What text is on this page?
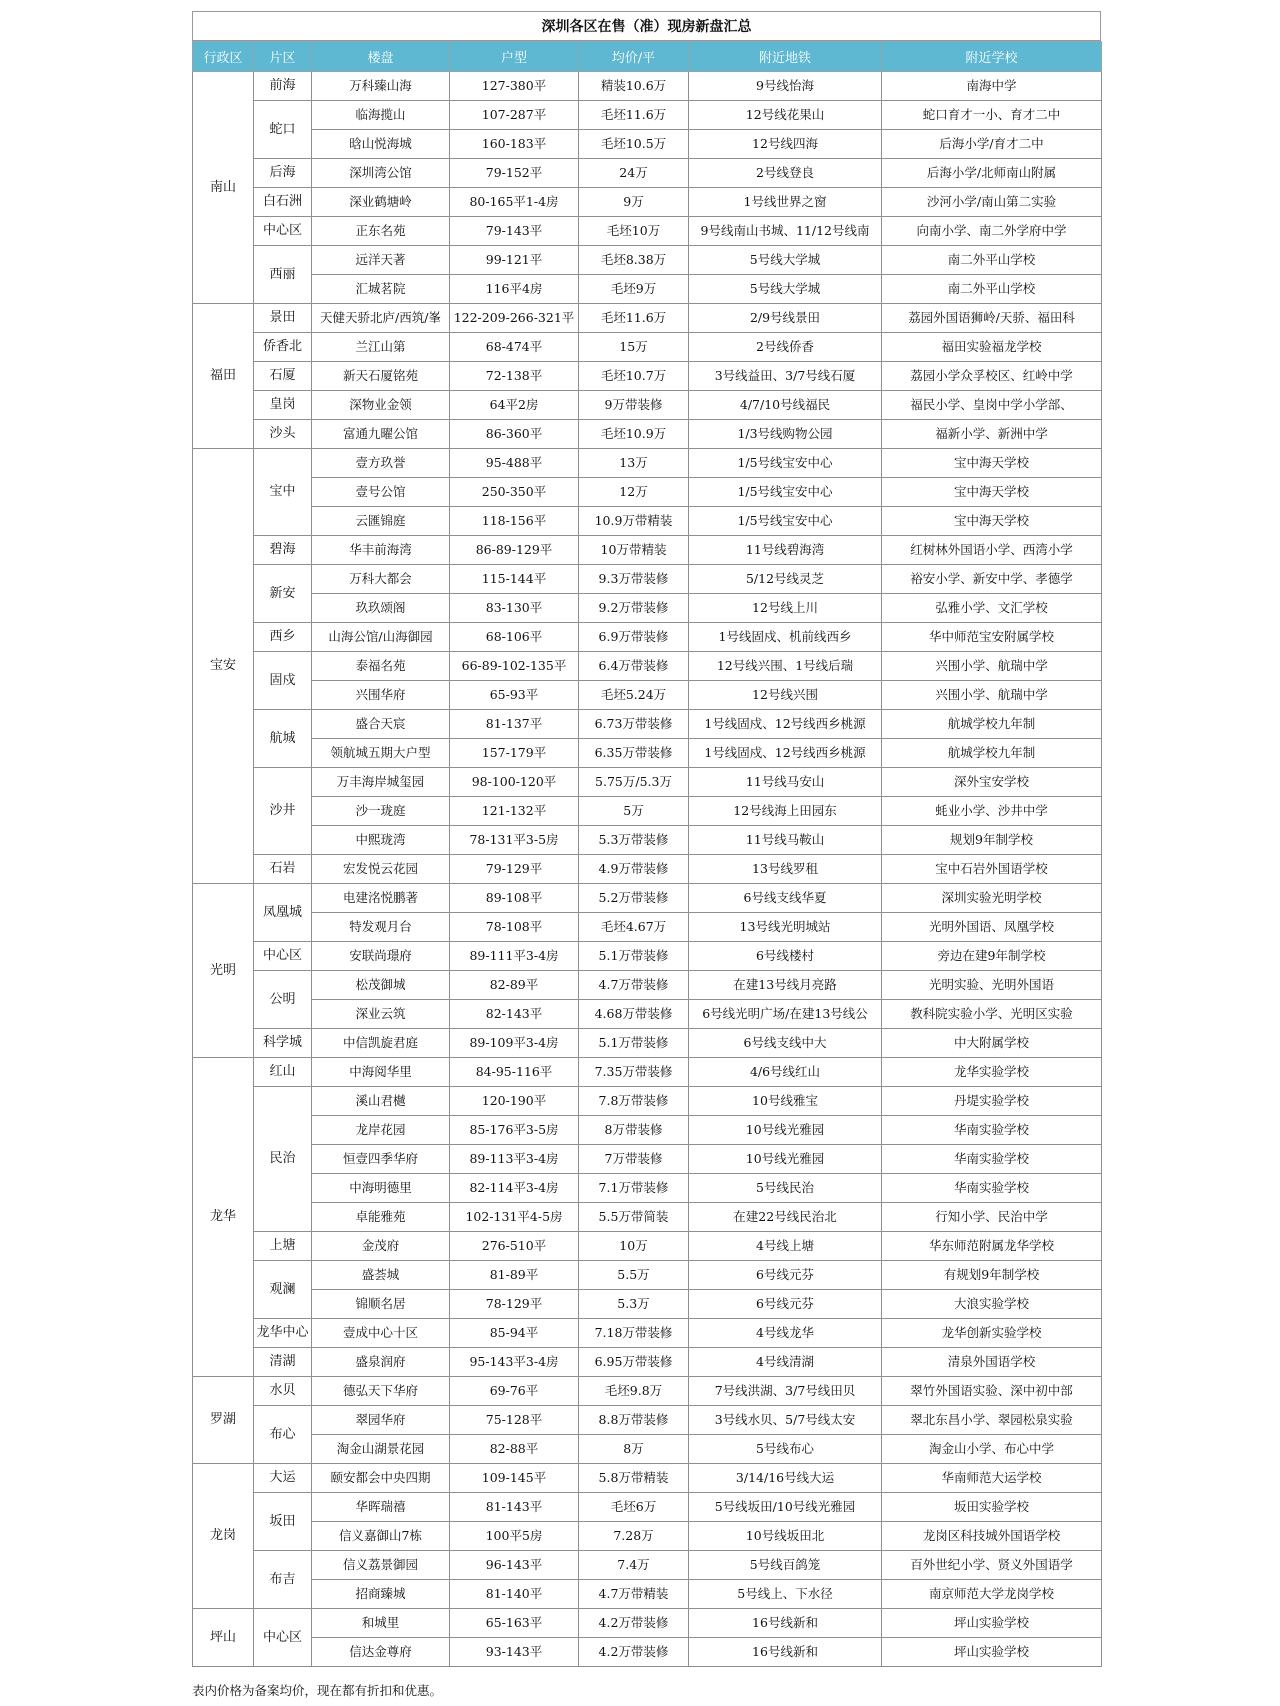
深圳各区在售（准）现房新盘汇总
行政区	片区	楼盘	户型	均价/平	附近地铁	附近学校
南山	前海	万科臻山海	127-380平	精装10.6万	9号线怡海	南海中学
	蛇口	临海揽山	107-287平	毛坯11.6万	12号线花果山	蛇口育才一小、育才二中
		晗山悦海城	160-183平	毛坯10.5万	12号线四海	后海小学/育才二中
	后海	深圳湾公馆	79-152平	24万	2号线登良	后海小学/北师南山附属
	白石洲	深业鹤塘岭	80-165平1-4房	9万	1号线世界之窗	沙河小学/南山第二实验
	中心区	正东名苑	79-143平	毛坯10万	9号线南山书城、11/12号线南	向南小学、南二外学府中学
	西丽	远洋天著	99-121平	毛坯8.38万	5号线大学城	南二外平山学校
		汇城茗院	116平4房	毛坯9万	5号线大学城	南二外平山学校
福田	景田	天健天骄北庐/西筑/峯	122-209-266-321平	毛坯11.6万	2/9号线景田	荔园外国语狮岭/天骄、福田科
	侨香北	兰江山第	68-474平	15万	2号线侨香	福田实验福龙学校
	石厦	新天石厦铭苑	72-138平	毛坯10.7万	3号线益田、3/7号线石厦	荔园小学众孚校区、红岭中学
	皇岗	深物业金领	64平2房	9万带装修	4/7/10号线福民	福民小学、皇岗中学小学部、
	沙头	富通九曜公馆	86-360平	毛坯10.9万	1/3号线购物公园	福新小学、新洲中学
宝安	宝中	壹方玖誉	95-488平	13万	1/5号线宝安中心	宝中海天学校
		壹号公馆	250-350平	12万	1/5号线宝安中心	宝中海天学校
		云匯锦庭	118-156平	10.9万带精装	1/5号线宝安中心	宝中海天学校
	碧海	华丰前海湾	86-89-129平	10万带精装	11号线碧海湾	红树林外国语小学、西湾小学
	新安	万科大都会	115-144平	9.3万带装修	5/12号线灵芝	裕安小学、新安中学、孝德学
		玖玖颂阁	83-130平	9.2万带装修	12号线上川	弘雅小学、文汇学校
	西乡	山海公馆/山海御园	68-106平	6.9万带装修	1号线固戍、机前线西乡	华中师范宝安附属学校
	固戍	泰福名苑	66-89-102-135平	6.4万带装修	12号线兴围、1号线后瑞	兴围小学、航瑞中学
		兴围华府	65-93平	毛坯5.24万	12号线兴围	兴围小学、航瑞中学
	航城	盛合天宸	81-137平	6.73万带装修	1号线固戍、12号线西乡桃源	航城学校九年制
		领航城五期大户型	157-179平	6.35万带装修	1号线固戍、12号线西乡桃源	航城学校九年制
	沙井	万丰海岸城玺园	98-100-120平	5.75万/5.3万	11号线马安山	深外宝安学校
		沙一珑庭	121-132平	5万	12号线海上田园东	蚝业小学、沙井中学
		中熙珑湾	78-131平3-5房	5.3万带装修	11号线马鞍山	规划9年制学校
	石岩	宏发悦云花园	79-129平	4.9万带装修	13号线罗租	宝中石岩外国语学校
光明	凤凰城	电建洺悦鹏著	89-108平	5.2万带装修	6号线支线华夏	深圳实验光明学校
		特发观月台	78-108平	毛坯4.67万	13号线光明城站	光明外国语、凤凰学校
	中心区	安联尚璟府	89-111平3-4房	5.1万带装修	6号线楼村	旁边在建9年制学校
	公明	松茂御城	82-89平	4.7万带装修	在建13号线月亮路	光明实验、光明外国语
		深业云筑	82-143平	4.68万带装修	6号线光明广场/在建13号线公	教科院实验小学、光明区实验
	科学城	中信凯旋君庭	89-109平3-4房	5.1万带装修	6号线支线中大	中大附属学校
龙华	红山	中海阅华里	84-95-116平	7.35万带装修	4/6号线红山	龙华实验学校
	民治	溪山君樾	120-190平	7.8万带装修	10号线雅宝	丹堤实验学校
		龙岸花园	85-176平3-5房	8万带装修	10号线光雅园	华南实验学校
		恒壹四季华府	89-113平3-4房	7万带装修	10号线光雅园	华南实验学校
		中海明德里	82-114平3-4房	7.1万带装修	5号线民治	华南实验学校
		卓能雅苑	102-131平4-5房	5.5万带简装	在建22号线民治北	行知小学、民治中学
	上塘	金茂府	276-510平	10万	4号线上塘	华东师范附属龙华学校
	观澜	盛荟城	81-89平	5.5万	6号线元芬	有规划9年制学校
		锦顺名居	78-129平	5.3万	6号线元芬	大浪实验学校
	龙华中心	壹成中心十区	85-94平	7.18万带装修	4号线龙华	龙华创新实验学校
	清湖	盛泉润府	95-143平3-4房	6.95万带装修	4号线清湖	清泉外国语学校
罗湖	水贝	德弘天下华府	69-76平	毛坯9.8万	7号线洪湖、3/7号线田贝	翠竹外国语实验、深中初中部
	布心	翠园华府	75-128平	8.8万带装修	3号线水贝、5/7号线太安	翠北东昌小学、翠园松泉实验
		淘金山湖景花园	82-88平	8万	5号线布心	淘金山小学、布心中学
龙岗	大运	颐安都会中央四期	109-145平	5.8万带精装	3/14/16号线大运	华南师范大运学校
	坂田	华晖瑞禧	81-143平	毛坯6万	5号线坂田/10号线光雅园	坂田实验学校
		信义嘉御山7栋	100平5房	7.28万	10号线坂田北	龙岗区科技城外国语学校
	布吉	信义荔景御园	96-143平	7.4万	5号线百鸽笼	百外世纪小学、贤义外国语学
		招商臻城	81-140平	4.7万带精装	5号线上、下水径	南京师范大学龙岗学校
坪山	中心区	和城里	65-163平	4.2万带装修	16号线新和	坪山实验学校
		信达金尊府	93-143平	4.2万带装修	16号线新和	坪山实验学校
表内价格为备案均价，现在都有折扣和优惠。
